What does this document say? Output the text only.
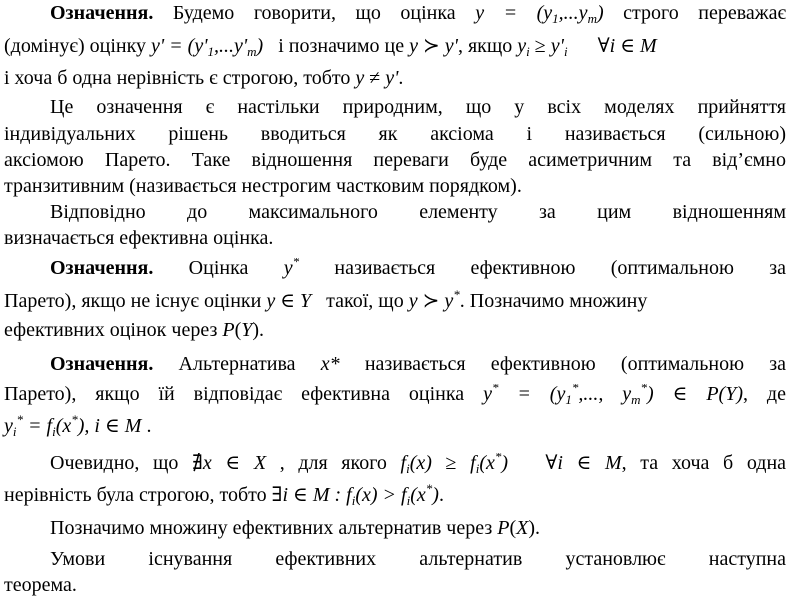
Означення. Будемо говорити, що оцінка $y = (y_1,...y_m)$ строго переважає
(домінує) оцінку $y' = (y'_1,...y'_m)$ і позначимо це y ≻ y', якщо $y_i \ge y'_i$ ∀i ∈ M
і хоча б одна нерівність є строгою, тобто y ≠ y'.
Це означення є настільки природним, що у всіх моделях прийняття
індивідуальних рішень вводиться як аксіома і називається (сильною)
аксіомою Парето. Таке відношення переваги буде асиметричним та від’ємно
транзитивним (називається нестрогим частковим порядком).
Відповідно до максимального елементу за цим відношенням
визначається ефективна оцінка.
Означення. Оцінка y* називається ефективною (оптимальною за
Парето), якщо не існує оцінки y ∈ Y такої, що y ≻ y*. Позначимо множину
ефективних оцінок через P(Y).
Означення. Альтернатива x* називається ефективною (оптимальною за
Парето), якщо їй відповідає ефективна оцінка $y^* = (y_1^*$,..., $y_m^*$) ∈ P(Y), де
$y_i^* = f_i(x^*)$, i ∈ M .
Очевидно, що ∄x ∈ X , для якого $f_i(x) \ge f_i(x^*)$ ∀i ∈ M, та хоча б одна
нерівність була строгою, тобто ∃i ∈ M : $f_i(x) > f_i(x^*)$.
Позначимо множину ефективних альтернатив через P(X).
Умови існування ефективних альтернатив установлює наступна
теорема.
